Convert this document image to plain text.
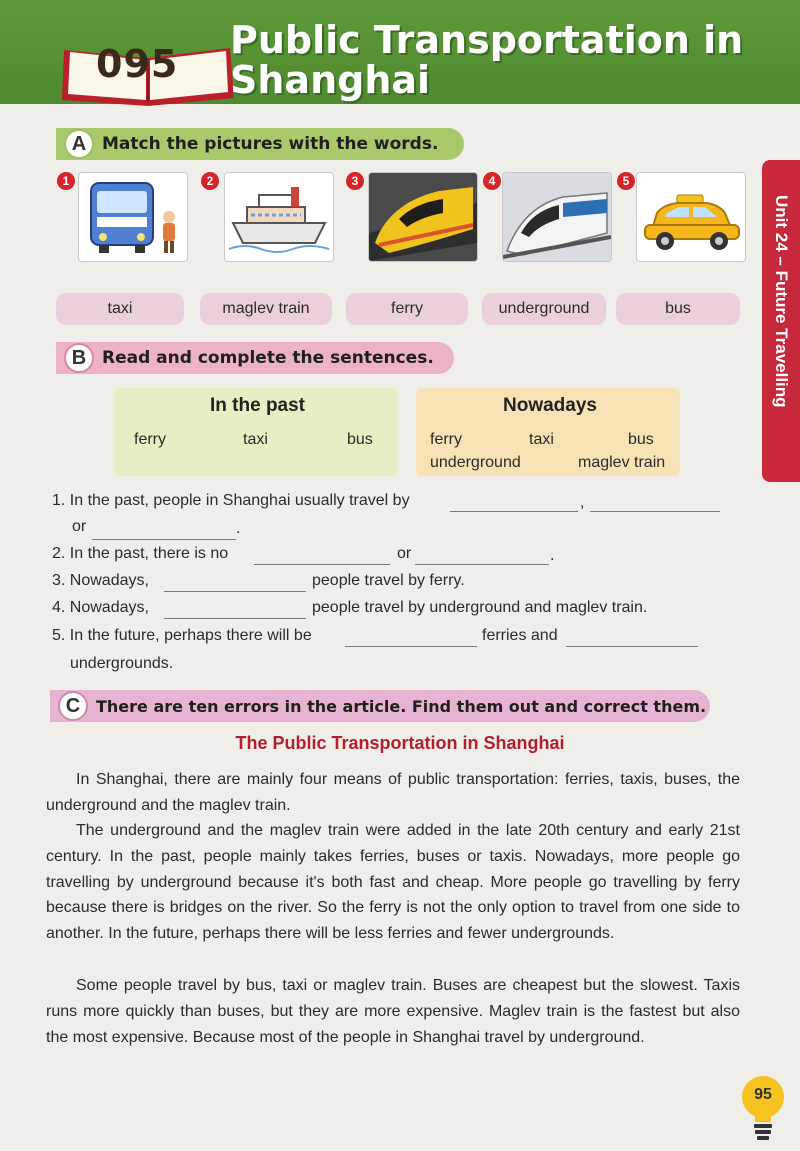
095
Public Transportation in
Shanghai
Unit 24 – Future Travelling
A Match the pictures with the words.
1	2	3	4	5
taxi	maglev train	ferry	underground	bus
B Read and complete the sentences.
In the past
ferry	taxi	bus
Nowadays
ferry	taxi	bus
underground	maglev train
1. In the past, people in Shanghai usually travel by	,
or	.
2. In the past, there is no	or	.
3. Nowadays,	people travel by ferry.
4. Nowadays,	people travel by underground and maglev train.
5. In the future, perhaps there will be	ferries and
undergrounds.
C There are ten errors in the article. Find them out and correct them.
The Public Transportation in Shanghai

In Shanghai, there are mainly four means of public transportation: ferries, taxis, buses, the underground and the maglev train.

The underground and the maglev train were added in the late 20th century and early 21st century. In the past, people mainly takes ferries, buses or taxis. Nowadays, more people go travelling by underground because it's both fast and cheap. More people go travelling by ferry because there is bridges on the river. So the ferry is not the only option to travel from one side to another. In the future, perhaps there will be less ferries and fewer undergrounds.

Some people travel by bus, taxi or maglev train. Buses are cheapest but the slowest. Taxis runs more quickly than buses, but they are more expensive. Maglev train is the fastest but also the most expensive. Because most of the people in Shanghai travel by underground.

95
